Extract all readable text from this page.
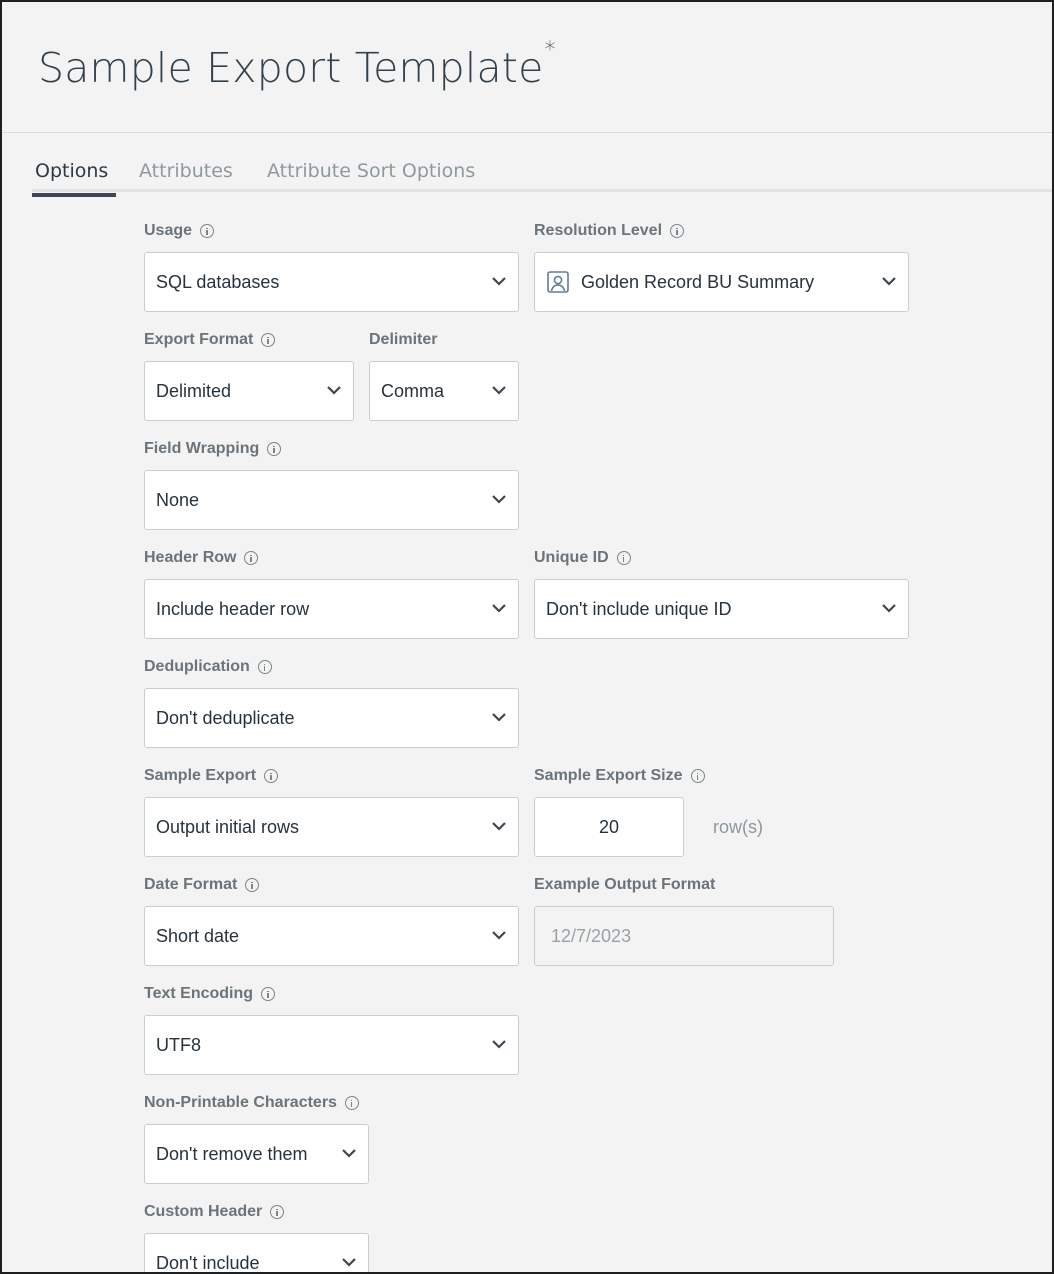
Sample Export Template*
Options Attributes Attribute Sort Options
Usage
SQL databases
Resolution Level
Golden Record BU Summary
Export Format
Delimited
Delimiter
Comma
Field Wrapping
None
Header Row
Include header row
Unique ID
Don't include unique ID
Deduplication
Don't deduplicate
Sample Export
Output initial rows
Sample Export Size
20	row(s)
Date Format
Short date
Example Output Format
12/7/2023
Text Encoding
UTF8
Non-Printable Characters
Don't remove them
Custom Header
Don't include
